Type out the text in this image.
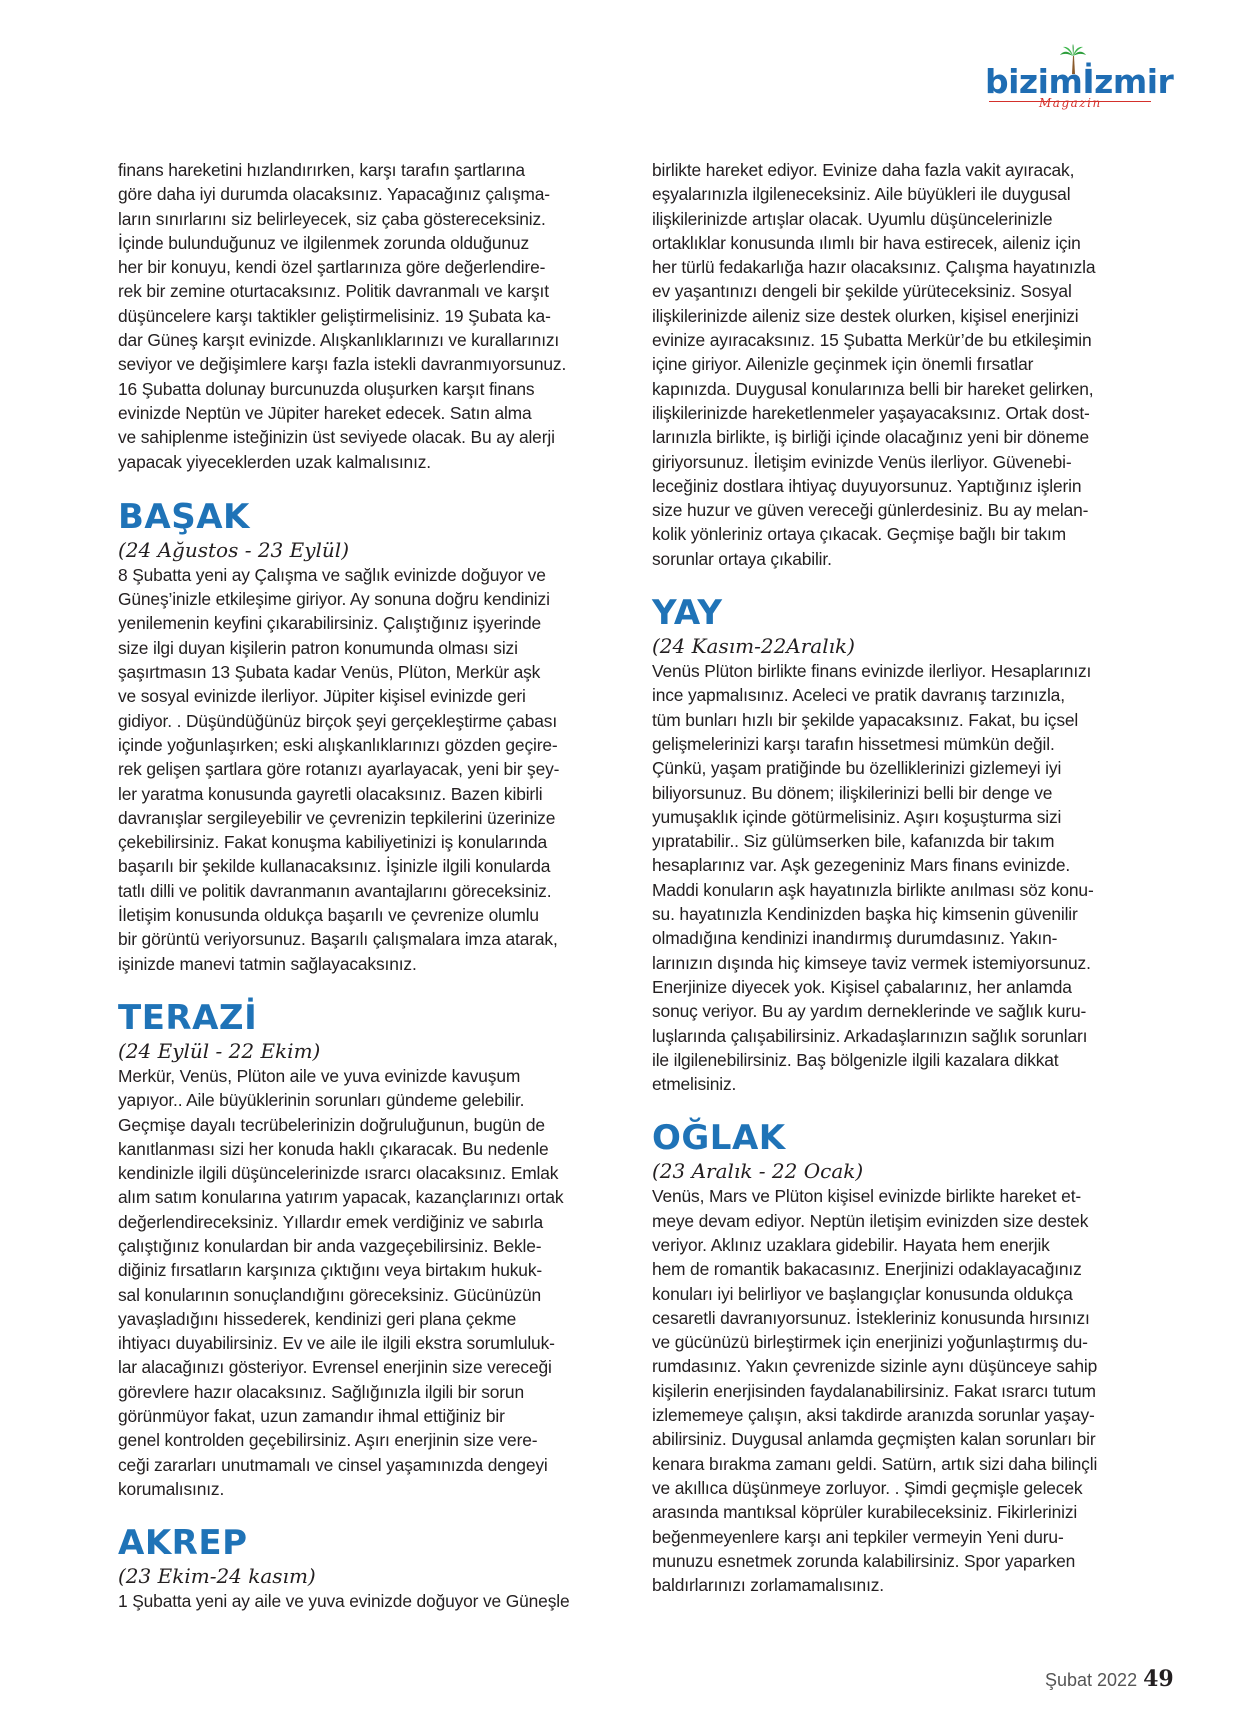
bizimİzmir
Magazin

finans hareketini hızlandırırken, karşı tarafın şartlarına
göre daha iyi durumda olacaksınız. Yapacağınız çalışma-
ların sınırlarını siz belirleyecek, siz çaba göstereceksiniz.
İçinde bulunduğunuz ve ilgilenmek zorunda olduğunuz
her bir konuyu, kendi özel şartlarınıza göre değerlendire-
rek bir zemine oturtacaksınız. Politik davranmalı ve karşıt
düşüncelere karşı taktikler geliştirmelisiniz. 19 Şubata ka-
dar Güneş karşıt evinizde. Alışkanlıklarınızı ve kurallarınızı
seviyor ve değişimlere karşı fazla istekli davranmıyorsunuz.
16 Şubatta dolunay burcunuzda oluşurken karşıt finans
evinizde Neptün ve Jüpiter hareket edecek. Satın alma
ve sahiplenme isteğinizin üst seviyede olacak. Bu ay alerji
yapacak yiyeceklerden uzak kalmalısınız.

BAŞAK

(24 Ağustos - 23 Eylül)

8 Şubatta yeni ay Çalışma ve sağlık evinizde doğuyor ve
Güneş’inizle etkileşime giriyor. Ay sonuna doğru kendinizi
yenilemenin keyfini çıkarabilirsiniz. Çalıştığınız işyerinde
size ilgi duyan kişilerin patron konumunda olması sizi
şaşırtmasın 13 Şubata kadar Venüs, Plüton, Merkür aşk
ve sosyal evinizde ilerliyor. Jüpiter kişisel evinizde geri
gidiyor. . Düşündüğünüz birçok şeyi gerçekleştirme çabası
içinde yoğunlaşırken; eski alışkanlıklarınızı gözden geçire-
rek gelişen şartlara göre rotanızı ayarlayacak, yeni bir şey-
ler yaratma konusunda gayretli olacaksınız. Bazen kibirli
davranışlar sergileyebilir ve çevrenizin tepkilerini üzerinize
çekebilirsiniz. Fakat konuşma kabiliyetinizi iş konularında
başarılı bir şekilde kullanacaksınız. İşinizle ilgili konularda
tatlı dilli ve politik davranmanın avantajlarını göreceksiniz.
İletişim konusunda oldukça başarılı ve çevrenize olumlu
bir görüntü veriyorsunuz. Başarılı çalışmalara imza atarak,
işinizde manevi tatmin sağlayacaksınız.

TERAZİ

(24 Eylül - 22 Ekim)

Merkür, Venüs, Plüton aile ve yuva evinizde kavuşum
yapıyor.. Aile büyüklerinin sorunları gündeme gelebilir.
Geçmişe dayalı tecrübelerinizin doğruluğunun, bugün de
kanıtlanması sizi her konuda haklı çıkaracak. Bu nedenle
kendinizle ilgili düşüncelerinizde ısrarcı olacaksınız. Emlak
alım satım konularına yatırım yapacak, kazançlarınızı ortak
değerlendireceksiniz. Yıllardır emek verdiğiniz ve sabırla
çalıştığınız konulardan bir anda vazgeçebilirsiniz. Bekle-
diğiniz fırsatların karşınıza çıktığını veya birtakım hukuk-
sal konularının sonuçlandığını göreceksiniz. Gücünüzün
yavaşladığını hissederek, kendinizi geri plana çekme
ihtiyacı duyabilirsiniz. Ev ve aile ile ilgili ekstra sorumluluk-
lar alacağınızı gösteriyor. Evrensel enerjinin size vereceği
görevlere hazır olacaksınız. Sağlığınızla ilgili bir sorun
görünmüyor fakat, uzun zamandır ihmal ettiğiniz bir
genel kontrolden geçebilirsiniz. Aşırı enerjinin size vere-
ceği zararları unutmamalı ve cinsel yaşamınızda dengeyi
korumalısınız.

AKREP

(23 Ekim-24 kasım)

1 Şubatta yeni ay aile ve yuva evinizde doğuyor ve Güneşle

birlikte hareket ediyor. Evinize daha fazla vakit ayıracak,
eşyalarınızla ilgileneceksiniz. Aile büyükleri ile duygusal
ilişkilerinizde artışlar olacak. Uyumlu düşüncelerinizle
ortaklıklar konusunda ılımlı bir hava estirecek, aileniz için
her türlü fedakarlığa hazır olacaksınız. Çalışma hayatınızla
ev yaşantınızı dengeli bir şekilde yürüteceksiniz. Sosyal
ilişkilerinizde aileniz size destek olurken, kişisel enerjinizi
evinize ayıracaksınız. 15 Şubatta Merkür’de bu etkileşimin
içine giriyor. Ailenizle geçinmek için önemli fırsatlar
kapınızda. Duygusal konularınıza belli bir hareket gelirken,
ilişkilerinizde hareketlenmeler yaşayacaksınız. Ortak dost-
larınızla birlikte, iş birliği içinde olacağınız yeni bir döneme
giriyorsunuz. İletişim evinizde Venüs ilerliyor. Güvenebi-
leceğiniz dostlara ihtiyaç duyuyorsunuz. Yaptığınız işlerin
size huzur ve güven vereceği günlerdesiniz. Bu ay melan-
kolik yönleriniz ortaya çıkacak. Geçmişe bağlı bir takım
sorunlar ortaya çıkabilir.

YAY

(24 Kasım-22Aralık)

Venüs Plüton birlikte finans evinizde ilerliyor. Hesaplarınızı
ince yapmalısınız. Aceleci ve pratik davranış tarzınızla,
tüm bunları hızlı bir şekilde yapacaksınız. Fakat, bu içsel
gelişmelerinizi karşı tarafın hissetmesi mümkün değil.
Çünkü, yaşam pratiğinde bu özelliklerinizi gizlemeyi iyi
biliyorsunuz. Bu dönem; ilişkilerinizi belli bir denge ve
yumuşaklık içinde götürmelisiniz. Aşırı koşuşturma sizi
yıpratabilir.. Siz gülümserken bile, kafanızda bir takım
hesaplarınız var. Aşk gezegeniniz Mars finans evinizde.
Maddi konuların aşk hayatınızla birlikte anılması söz konu-
su. hayatınızla Kendinizden başka hiç kimsenin güvenilir
olmadığına kendinizi inandırmış durumdasınız. Yakın-
larınızın dışında hiç kimseye taviz vermek istemiyorsunuz.
Enerjinize diyecek yok. Kişisel çabalarınız, her anlamda
sonuç veriyor. Bu ay yardım derneklerinde ve sağlık kuru-
luşlarında çalışabilirsiniz. Arkadaşlarınızın sağlık sorunları
ile ilgilenebilirsiniz. Baş bölgenizle ilgili kazalara dikkat
etmelisiniz.

OĞLAK

(23 Aralık - 22 Ocak)

Venüs, Mars ve Plüton kişisel evinizde birlikte hareket et-
meye devam ediyor. Neptün iletişim evinizden size destek
veriyor. Aklınız uzaklara gidebilir. Hayata hem enerjik
hem de romantik bakacasınız. Enerjinizi odaklayacağınız
konuları iyi belirliyor ve başlangıçlar konusunda oldukça
cesaretli davranıyorsunuz. İstekleriniz konusunda hırsınızı
ve gücünüzü birleştirmek için enerjinizi yoğunlaştırmış du-
rumdasınız. Yakın çevrenizde sizinle aynı düşünceye sahip
kişilerin enerjisinden faydalanabilirsiniz. Fakat ısrarcı tutum
izlememeye çalışın, aksi takdirde aranızda sorunlar yaşay-
abilirsiniz. Duygusal anlamda geçmişten kalan sorunları bir
kenara bırakma zamanı geldi. Satürn, artık sizi daha bilinçli
ve akıllıca düşünmeye zorluyor. . Şimdi geçmişle gelecek
arasında mantıksal köprüler kurabileceksiniz. Fikirlerinizi
beğenmeyenlere karşı ani tepkiler vermeyin Yeni duru-
munuzu esnetmek zorunda kalabilirsiniz. Spor yaparken
baldırlarınızı zorlamamalısınız.

Şubat 2022 49
